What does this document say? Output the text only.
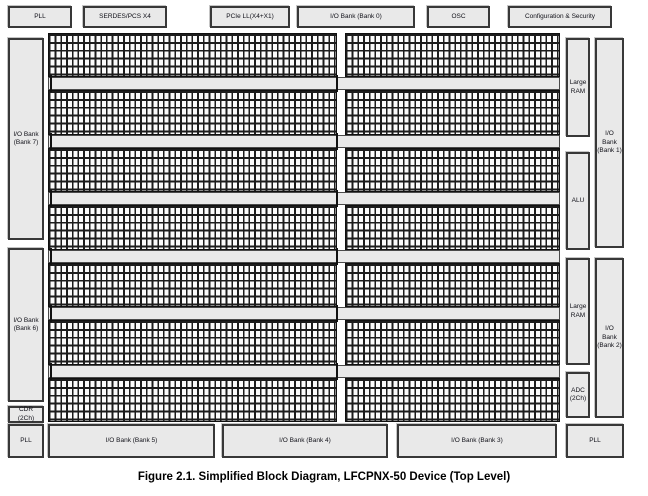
PLL	SERDES/PCS X4	PCIe LL(X4+X1)	I/O Bank (Bank 0)	OSC	Configuration & Security
I/O Bank (Bank 7)
I/O Bank (Bank 6)
CDR (2Ch)
PLL
Large RAM
ALU
Large RAM
ADC (2Ch)
I/O Bank (Bank 1)
I/O Bank (Bank 2)
I/O Bank (Bank 5)	I/O Bank (Bank 4)	I/O Bank (Bank 3)	PLL
Figure 2.1. Simplified Block Diagram, LFCPNX-50 Device (Top Level)
